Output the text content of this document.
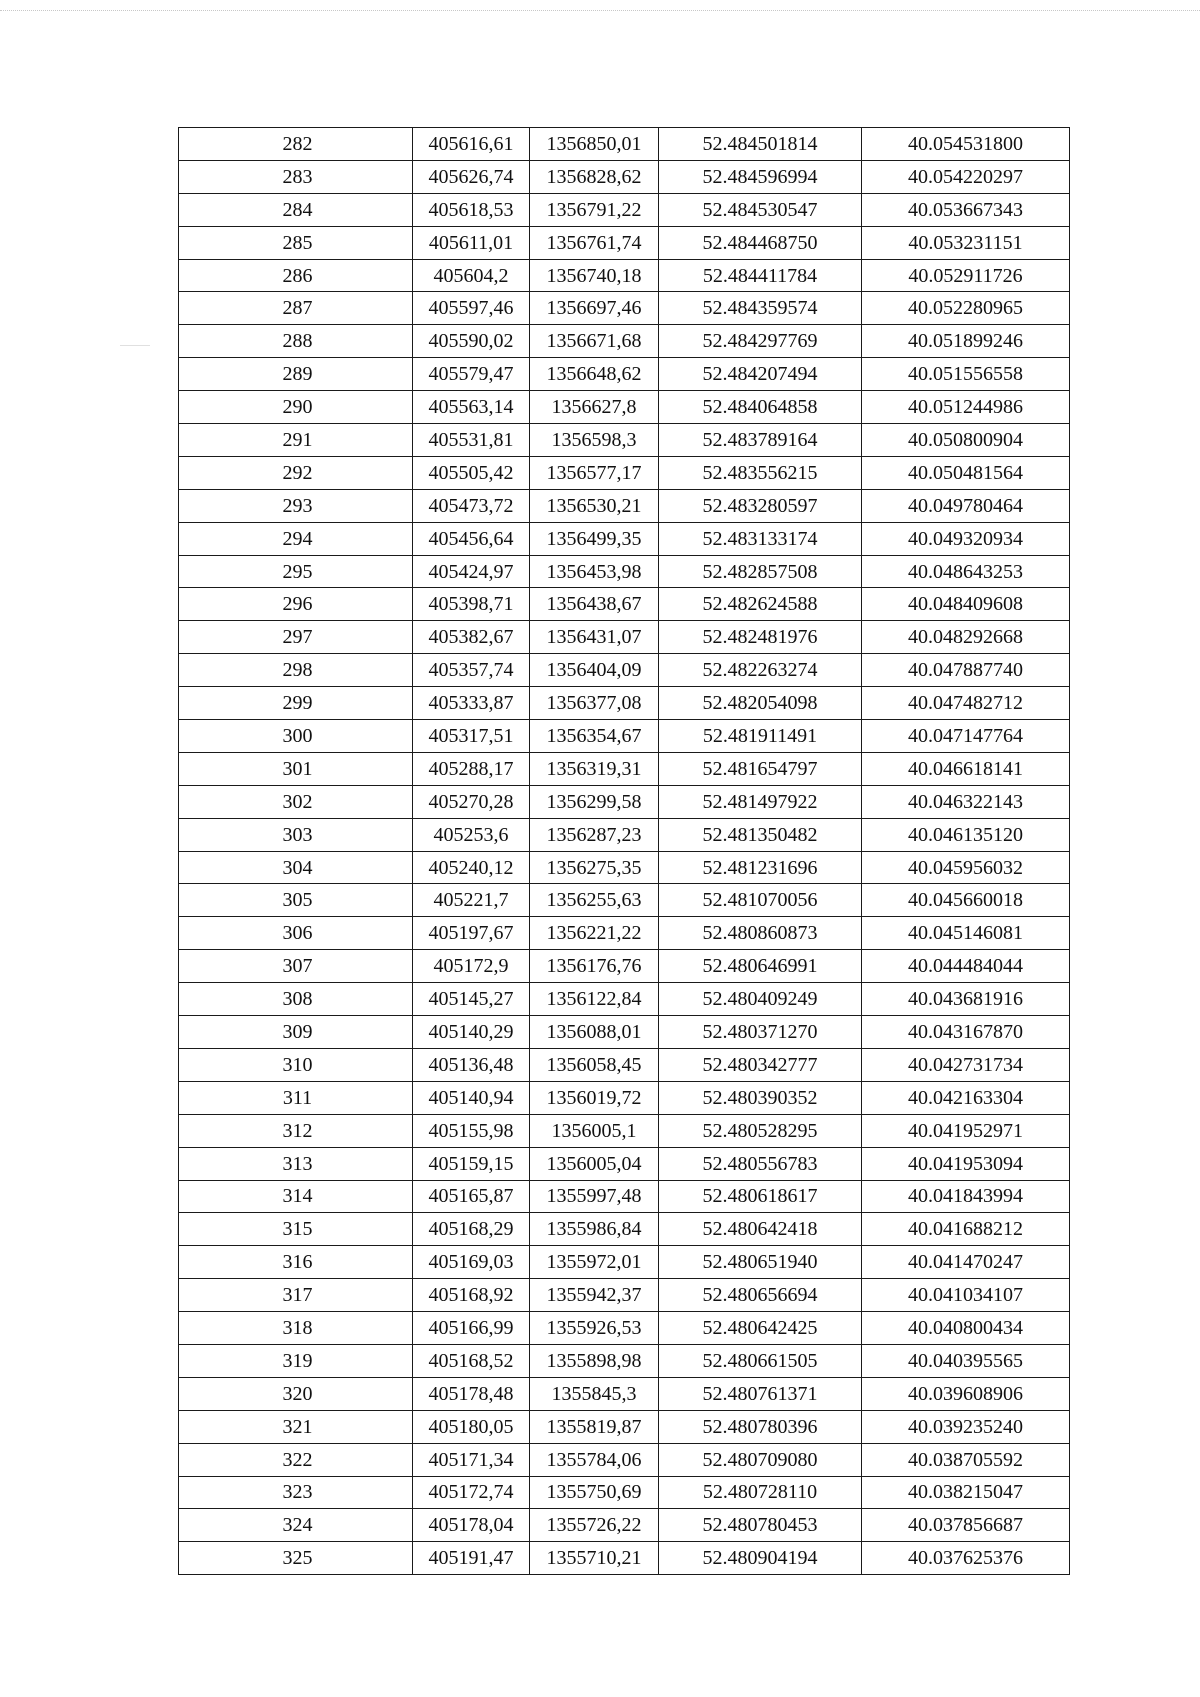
282	405616,61	1356850,01	52.484501814	40.054531800
283	405626,74	1356828,62	52.484596994	40.054220297
284	405618,53	1356791,22	52.484530547	40.053667343
285	405611,01	1356761,74	52.484468750	40.053231151
286	405604,2	1356740,18	52.484411784	40.052911726
287	405597,46	1356697,46	52.484359574	40.052280965
288	405590,02	1356671,68	52.484297769	40.051899246
289	405579,47	1356648,62	52.484207494	40.051556558
290	405563,14	1356627,8	52.484064858	40.051244986
291	405531,81	1356598,3	52.483789164	40.050800904
292	405505,42	1356577,17	52.483556215	40.050481564
293	405473,72	1356530,21	52.483280597	40.049780464
294	405456,64	1356499,35	52.483133174	40.049320934
295	405424,97	1356453,98	52.482857508	40.048643253
296	405398,71	1356438,67	52.482624588	40.048409608
297	405382,67	1356431,07	52.482481976	40.048292668
298	405357,74	1356404,09	52.482263274	40.047887740
299	405333,87	1356377,08	52.482054098	40.047482712
300	405317,51	1356354,67	52.481911491	40.047147764
301	405288,17	1356319,31	52.481654797	40.046618141
302	405270,28	1356299,58	52.481497922	40.046322143
303	405253,6	1356287,23	52.481350482	40.046135120
304	405240,12	1356275,35	52.481231696	40.045956032
305	405221,7	1356255,63	52.481070056	40.045660018
306	405197,67	1356221,22	52.480860873	40.045146081
307	405172,9	1356176,76	52.480646991	40.044484044
308	405145,27	1356122,84	52.480409249	40.043681916
309	405140,29	1356088,01	52.480371270	40.043167870
310	405136,48	1356058,45	52.480342777	40.042731734
311	405140,94	1356019,72	52.480390352	40.042163304
312	405155,98	1356005,1	52.480528295	40.041952971
313	405159,15	1356005,04	52.480556783	40.041953094
314	405165,87	1355997,48	52.480618617	40.041843994
315	405168,29	1355986,84	52.480642418	40.041688212
316	405169,03	1355972,01	52.480651940	40.041470247
317	405168,92	1355942,37	52.480656694	40.041034107
318	405166,99	1355926,53	52.480642425	40.040800434
319	405168,52	1355898,98	52.480661505	40.040395565
320	405178,48	1355845,3	52.480761371	40.039608906
321	405180,05	1355819,87	52.480780396	40.039235240
322	405171,34	1355784,06	52.480709080	40.038705592
323	405172,74	1355750,69	52.480728110	40.038215047
324	405178,04	1355726,22	52.480780453	40.037856687
325	405191,47	1355710,21	52.480904194	40.037625376
